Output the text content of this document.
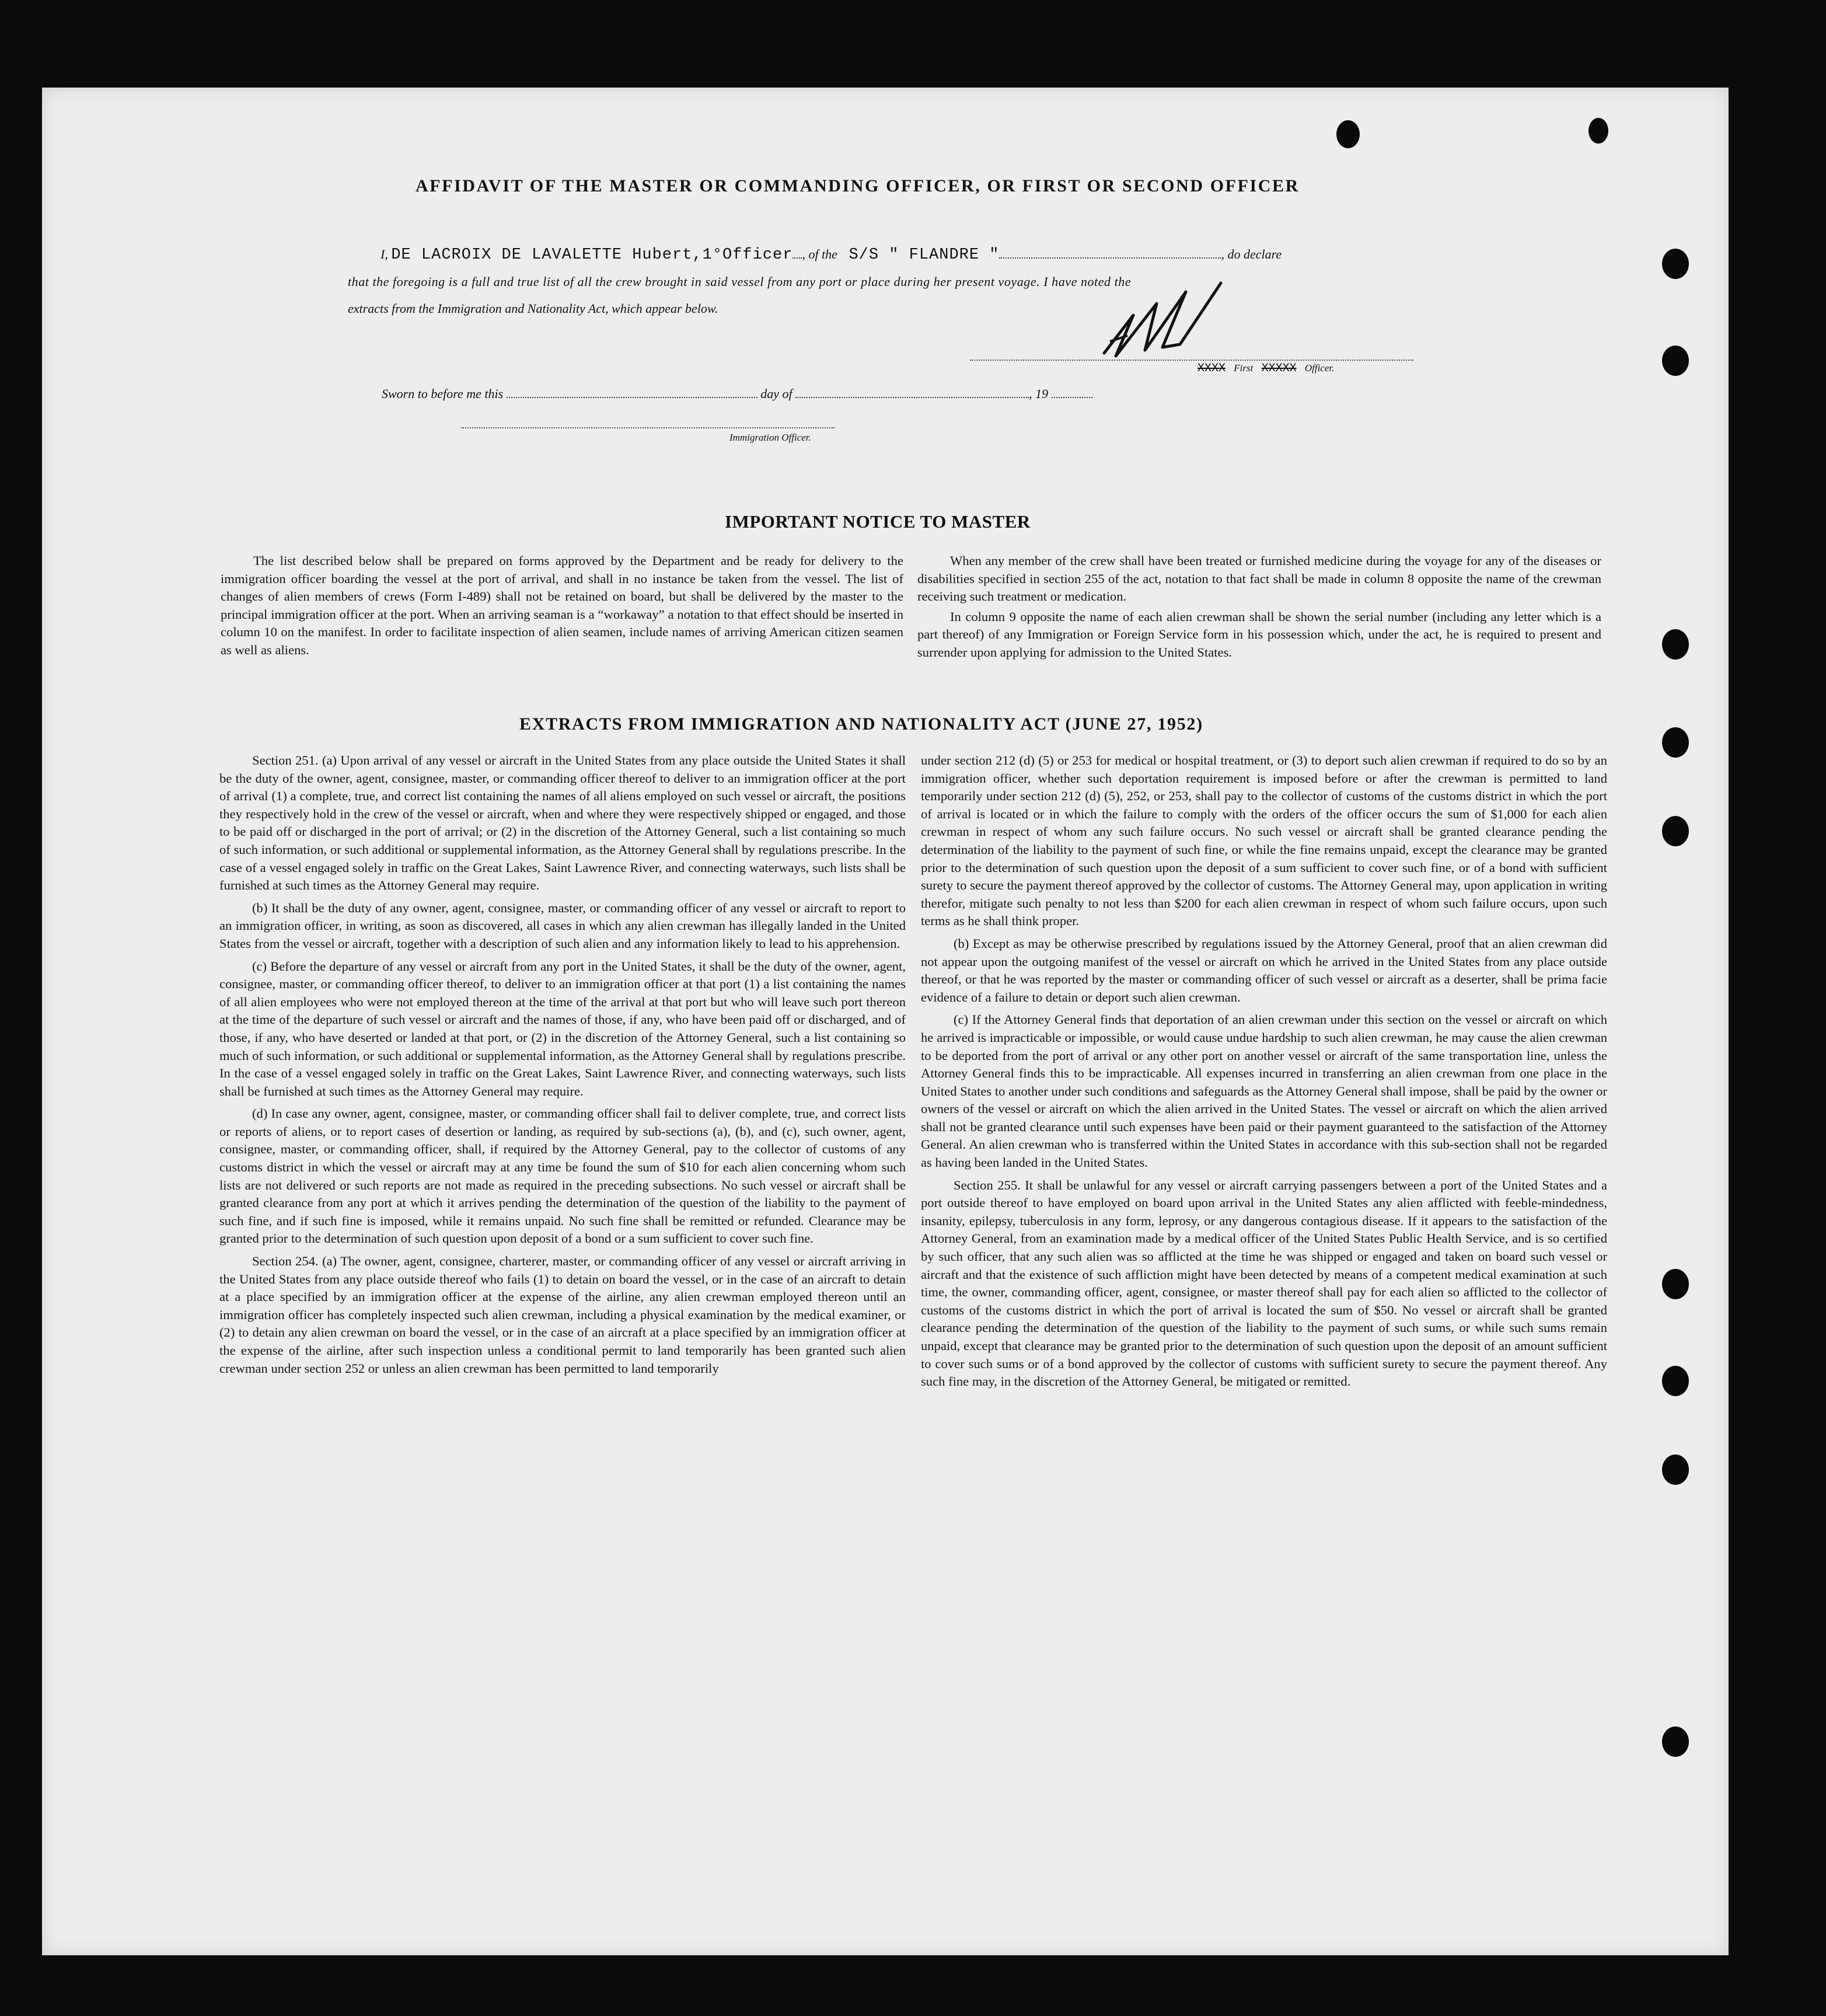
AFFIDAVIT OF THE MASTER OR COMMANDING OFFICER, OR FIRST OR SECOND OFFICER
I, DE LACROIX DE LAVALETTE Hubert,1°Officer , of the S/S " FLANDRE "	, do declare
that the foregoing is a full and true list of all the crew brought in said vessel from any port or place during her present voyage. I have noted the
extracts from the Immigration and Nationality Act, which appear below.
XXXX First XXXXX Officer.
Sworn to before me this	day of	, 19
Immigration Officer.
IMPORTANT NOTICE TO MASTER

The list described below shall be prepared on forms approved by the Department and be ready for delivery to the immigration officer boarding the vessel at the port of arrival, and shall in no instance be taken from the vessel. The list of changes of alien members of crews (Form I-489) shall not be retained on board, but shall be delivered by the master to the principal immigration officer at the port. When an arriving seaman is a “workaway” a notation to that effect should be inserted in column 10 on the manifest. In order to facilitate inspection of alien seamen, include names of arriving American citizen seamen as well as aliens.

When any member of the crew shall have been treated or furnished medicine during the voyage for any of the diseases or disabilities specified in section 255 of the act, notation to that fact shall be made in column 8 opposite the name of the crewman receiving such treatment or medication.

In column 9 opposite the name of each alien crewman shall be shown the serial number (including any letter which is a part thereof) of any Immigration or Foreign Service form in his possession which, under the act, he is required to present and surrender upon applying for admission to the United States.

EXTRACTS FROM IMMIGRATION AND NATIONALITY ACT (JUNE 27, 1952)

Section 251. (a) Upon arrival of any vessel or aircraft in the United States from any place outside the United States it shall be the duty of the owner, agent, consignee, master, or commanding officer thereof to deliver to an immigration officer at the port of arrival (1) a complete, true, and correct list containing the names of all aliens employed on such vessel or aircraft, the positions they respectively hold in the crew of the vessel or aircraft, when and where they were respectively shipped or engaged, and those to be paid off or discharged in the port of arrival; or (2) in the discretion of the Attorney General, such a list containing so much of such information, or such additional or supplemental information, as the Attorney General shall by regulations prescribe. In the case of a vessel engaged solely in traffic on the Great Lakes, Saint Lawrence River, and connecting waterways, such lists shall be furnished at such times as the Attorney General may require.

(b) It shall be the duty of any owner, agent, consignee, master, or commanding officer of any vessel or aircraft to report to an immigration officer, in writing, as soon as discovered, all cases in which any alien crewman has illegally landed in the United States from the vessel or aircraft, together with a description of such alien and any information likely to lead to his apprehension.

(c) Before the departure of any vessel or aircraft from any port in the United States, it shall be the duty of the owner, agent, consignee, master, or commanding officer thereof, to deliver to an immigration officer at that port (1) a list containing the names of all alien employees who were not employed thereon at the time of the arrival at that port but who will leave such port thereon at the time of the departure of such vessel or aircraft and the names of those, if any, who have been paid off or discharged, and of those, if any, who have deserted or landed at that port, or (2) in the discretion of the Attorney General, such a list containing so much of such information, or such additional or supplemental information, as the Attorney General shall by regulations prescribe. In the case of a vessel engaged solely in traffic on the Great Lakes, Saint Lawrence River, and connecting waterways, such lists shall be furnished at such times as the Attorney General may require.

(d) In case any owner, agent, consignee, master, or commanding officer shall fail to deliver complete, true, and correct lists or reports of aliens, or to report cases of desertion or landing, as required by sub-sections (a), (b), and (c), such owner, agent, consignee, master, or commanding officer, shall, if required by the Attorney General, pay to the collector of customs of any customs district in which the vessel or aircraft may at any time be found the sum of $10 for each alien concerning whom such lists are not delivered or such reports are not made as required in the preceding subsections. No such vessel or aircraft shall be granted clearance from any port at which it arrives pending the determination of the question of the liability to the payment of such fine, and if such fine is imposed, while it remains unpaid. No such fine shall be remitted or refunded. Clearance may be granted prior to the determination of such question upon deposit of a bond or a sum sufficient to cover such fine.

Section 254. (a) The owner, agent, consignee, charterer, master, or commanding officer of any vessel or aircraft arriving in the United States from any place outside thereof who fails (1) to detain on board the vessel, or in the case of an aircraft to detain at a place specified by an immigration officer at the expense of the airline, any alien crewman employed thereon until an immigration officer has completely inspected such alien crewman, including a physical examination by the medical examiner, or (2) to detain any alien crewman on board the vessel, or in the case of an aircraft at a place specified by an immigration officer at the expense of the airline, after such inspection unless a conditional permit to land temporarily has been granted such alien crewman under section 252 or unless an alien crewman has been permitted to land temporarily

under section 212 (d) (5) or 253 for medical or hospital treatment, or (3) to deport such alien crewman if required to do so by an immigration officer, whether such deportation requirement is imposed before or after the crewman is permitted to land temporarily under section 212 (d) (5), 252, or 253, shall pay to the collector of customs of the customs district in which the port of arrival is located or in which the failure to comply with the orders of the officer occurs the sum of $1,000 for each alien crewman in respect of whom any such failure occurs. No such vessel or aircraft shall be granted clearance pending the determination of the liability to the payment of such fine, or while the fine remains unpaid, except the clearance may be granted prior to the determination of such question upon the deposit of a sum sufficient to cover such fine, or of a bond with sufficient surety to secure the payment thereof approved by the collector of customs. The Attorney General may, upon application in writing therefor, mitigate such penalty to not less than $200 for each alien crewman in respect of whom such failure occurs, upon such terms as he shall think proper.

(b) Except as may be otherwise prescribed by regulations issued by the Attorney General, proof that an alien crewman did not appear upon the outgoing manifest of the vessel or aircraft on which he arrived in the United States from any place outside thereof, or that he was reported by the master or commanding officer of such vessel or aircraft as a deserter, shall be prima facie evidence of a failure to detain or deport such alien crewman.

(c) If the Attorney General finds that deportation of an alien crewman under this section on the vessel or aircraft on which he arrived is impracticable or impossible, or would cause undue hardship to such alien crewman, he may cause the alien crewman to be deported from the port of arrival or any other port on another vessel or aircraft of the same transportation line, unless the Attorney General finds this to be impracticable. All expenses incurred in transferring an alien crewman from one place in the United States to another under such conditions and safeguards as the Attorney General shall impose, shall be paid by the owner or owners of the vessel or aircraft on which the alien arrived in the United States. The vessel or aircraft on which the alien arrived shall not be granted clearance until such expenses have been paid or their payment guaranteed to the satisfaction of the Attorney General. An alien crewman who is transferred within the United States in accordance with this sub-section shall not be regarded as having been landed in the United States.

Section 255. It shall be unlawful for any vessel or aircraft carrying passengers between a port of the United States and a port outside thereof to have employed on board upon arrival in the United States any alien afflicted with feeble-mindedness, insanity, epilepsy, tuberculosis in any form, leprosy, or any dangerous contagious disease. If it appears to the satisfaction of the Attorney General, from an examination made by a medical officer of the United States Public Health Service, and is so certified by such officer, that any such alien was so afflicted at the time he was shipped or engaged and taken on board such vessel or aircraft and that the existence of such affliction might have been detected by means of a competent medical examination at such time, the owner, commanding officer, agent, consignee, or master thereof shall pay for each alien so afflicted to the collector of customs of the customs district in which the port of arrival is located the sum of $50. No vessel or aircraft shall be granted clearance pending the determination of the question of the liability to the payment of such sums, or while such sums remain unpaid, except that clearance may be granted prior to the determination of such question upon the deposit of an amount sufficient to cover such sums or of a bond approved by the collector of customs with sufficient surety to secure the payment thereof. Any such fine may, in the discretion of the Attorney General, be mitigated or remitted.
